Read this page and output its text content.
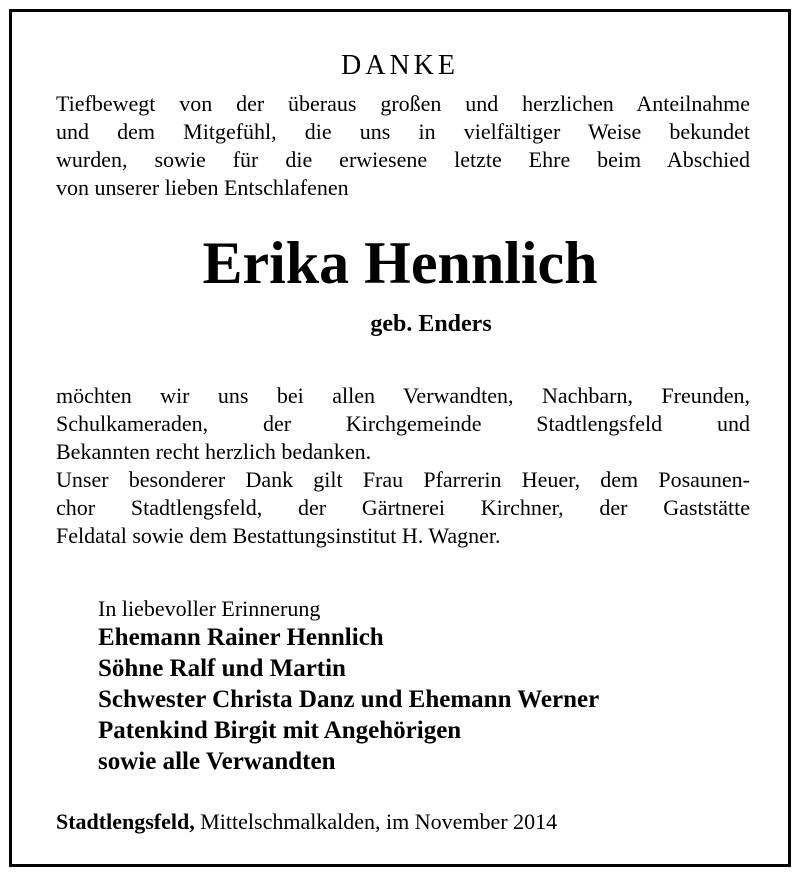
DANKE
Tiefbewegt von der überaus großen und herzlichen Anteilnahme
und dem Mitgefühl, die uns in vielfältiger Weise bekundet
wurden, sowie für die erwiesene letzte Ehre beim Abschied
von unserer lieben Entschlafenen
Erika Hennlich
geb. Enders
möchten wir uns bei allen Verwandten, Nachbarn, Freunden,
Schulkameraden, der Kirchgemeinde Stadtlengsfeld und
Bekannten recht herzlich bedanken.
Unser besonderer Dank gilt Frau Pfarrerin Heuer, dem Posaunen-
chor Stadtlengsfeld, der Gärtnerei Kirchner, der Gaststätte
Feldatal sowie dem Bestattungsinstitut H. Wagner.
In liebevoller Erinnerung
Ehemann Rainer Hennlich
Söhne Ralf und Martin
Schwester Christa Danz und Ehemann Werner
Patenkind Birgit mit Angehörigen
sowie alle Verwandten
Stadtlengsfeld, Mittelschmalkalden, im November 2014
